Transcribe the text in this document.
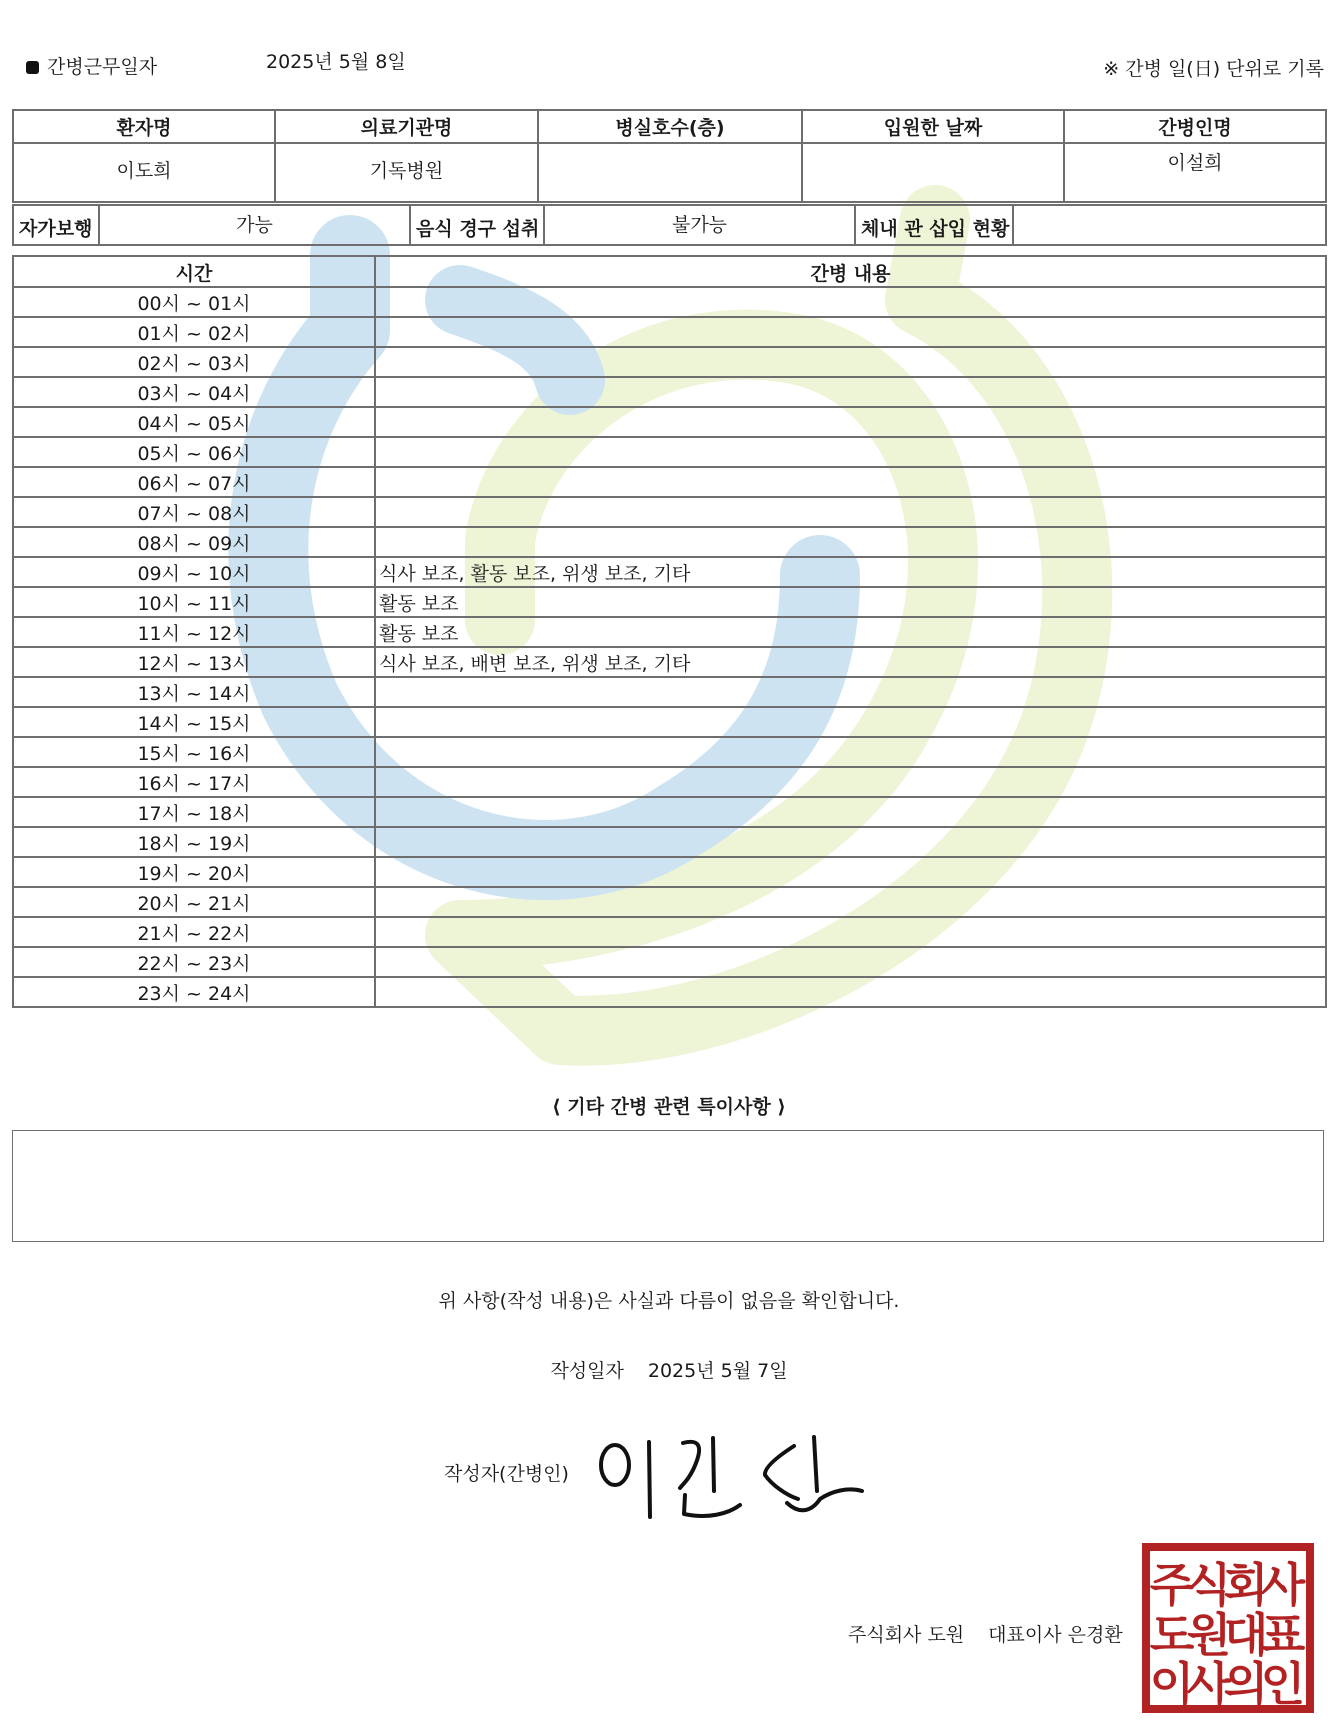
간병근무일자	2025년 5월 8일	※ 간병 일(日) 단위로 기록
환자명	의료기관명	병실호수(층)	입원한 날짜	간병인명
이도희	기독병원			이설희
자가보행	가능	음식 경구 섭취	불가능	체내 관 삽입 현황	
시간	간병 내용
00시 ~ 01시	
01시 ~ 02시	
02시 ~ 03시	
03시 ~ 04시	
04시 ~ 05시	
05시 ~ 06시	
06시 ~ 07시	
07시 ~ 08시	
08시 ~ 09시	
09시 ~ 10시	식사 보조, 활동 보조, 위생 보조, 기타
10시 ~ 11시	활동 보조
11시 ~ 12시	활동 보조
12시 ~ 13시	식사 보조, 배변 보조, 위생 보조, 기타
13시 ~ 14시	
14시 ~ 15시	
15시 ~ 16시	
16시 ~ 17시	
17시 ~ 18시	
18시 ~ 19시	
19시 ~ 20시	
20시 ~ 21시	
21시 ~ 22시	
22시 ~ 23시	
23시 ~ 24시	
⟨ 기타 간병 관련 특이사항 ⟩
위 사항(작성 내용)은 사실과 다름이 없음을 확인합니다.
작성일자 2025년 5월 7일
작성자(간병인)
주식회사 도원 대표이사 은경환
주
식
회
사
도
원
대
표
이
사
의
인
